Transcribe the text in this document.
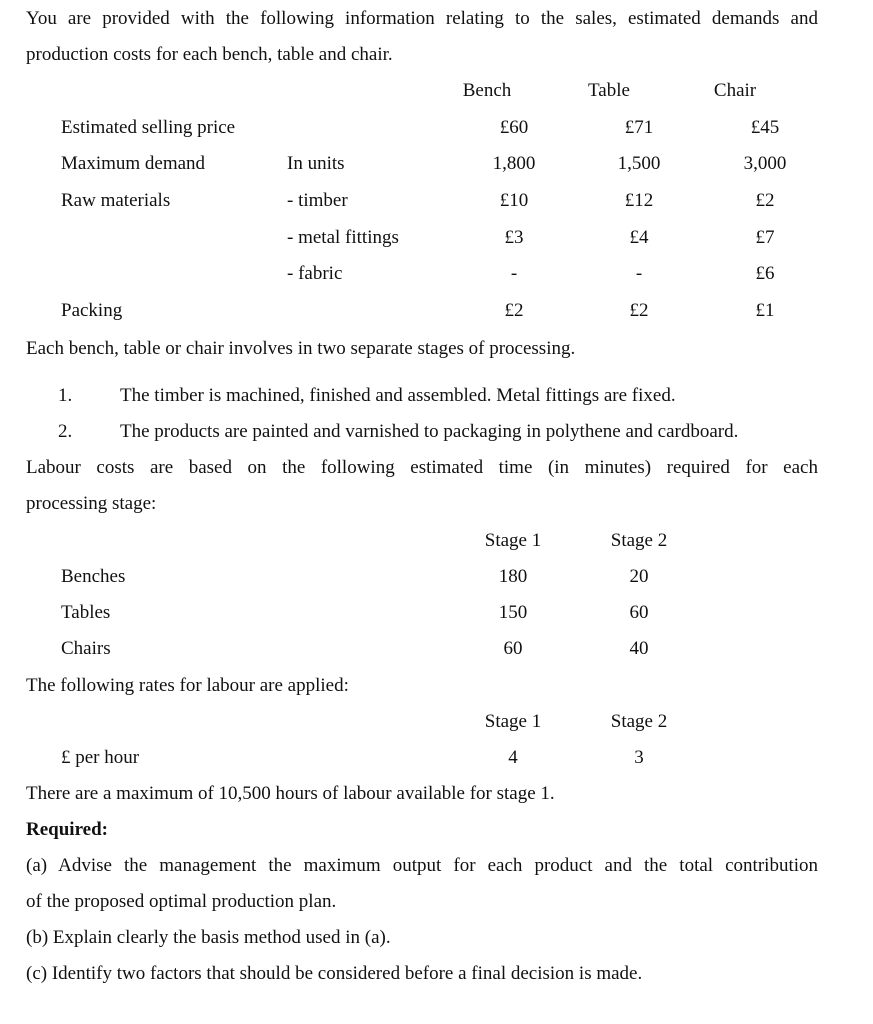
You are provided with the following information relating to the sales, estimated demands and
production costs for each bench, table and chair.
Bench	Table	Chair
Estimated selling price	£60	£71	£45
Maximum demand	In units	1,800	1,500	3,000
Raw materials	- timber	£10	£12	£2
- metal fittings	£3	£4	£7
- fabric	-	-	£6
Packing	£2	£2	£1
Each bench, table or chair involves in two separate stages of processing.
1.	The timber is machined, finished and assembled. Metal fittings are fixed.
2.	The products are painted and varnished to packaging in polythene and cardboard.
Labour costs are based on the following estimated time (in minutes) required for each
processing stage:
Stage 1	Stage 2
Benches	180	20
Tables	150	60
Chairs	60	40
The following rates for labour are applied:
Stage 1	Stage 2
£ per hour	4	3
There are a maximum of 10,500 hours of labour available for stage 1.
Required:
(a) Advise the management the maximum output for each product and the total contribution
of the proposed optimal production plan.
(b) Explain clearly the basis method used in (a).
(c) Identify two factors that should be considered before a final decision is made.
